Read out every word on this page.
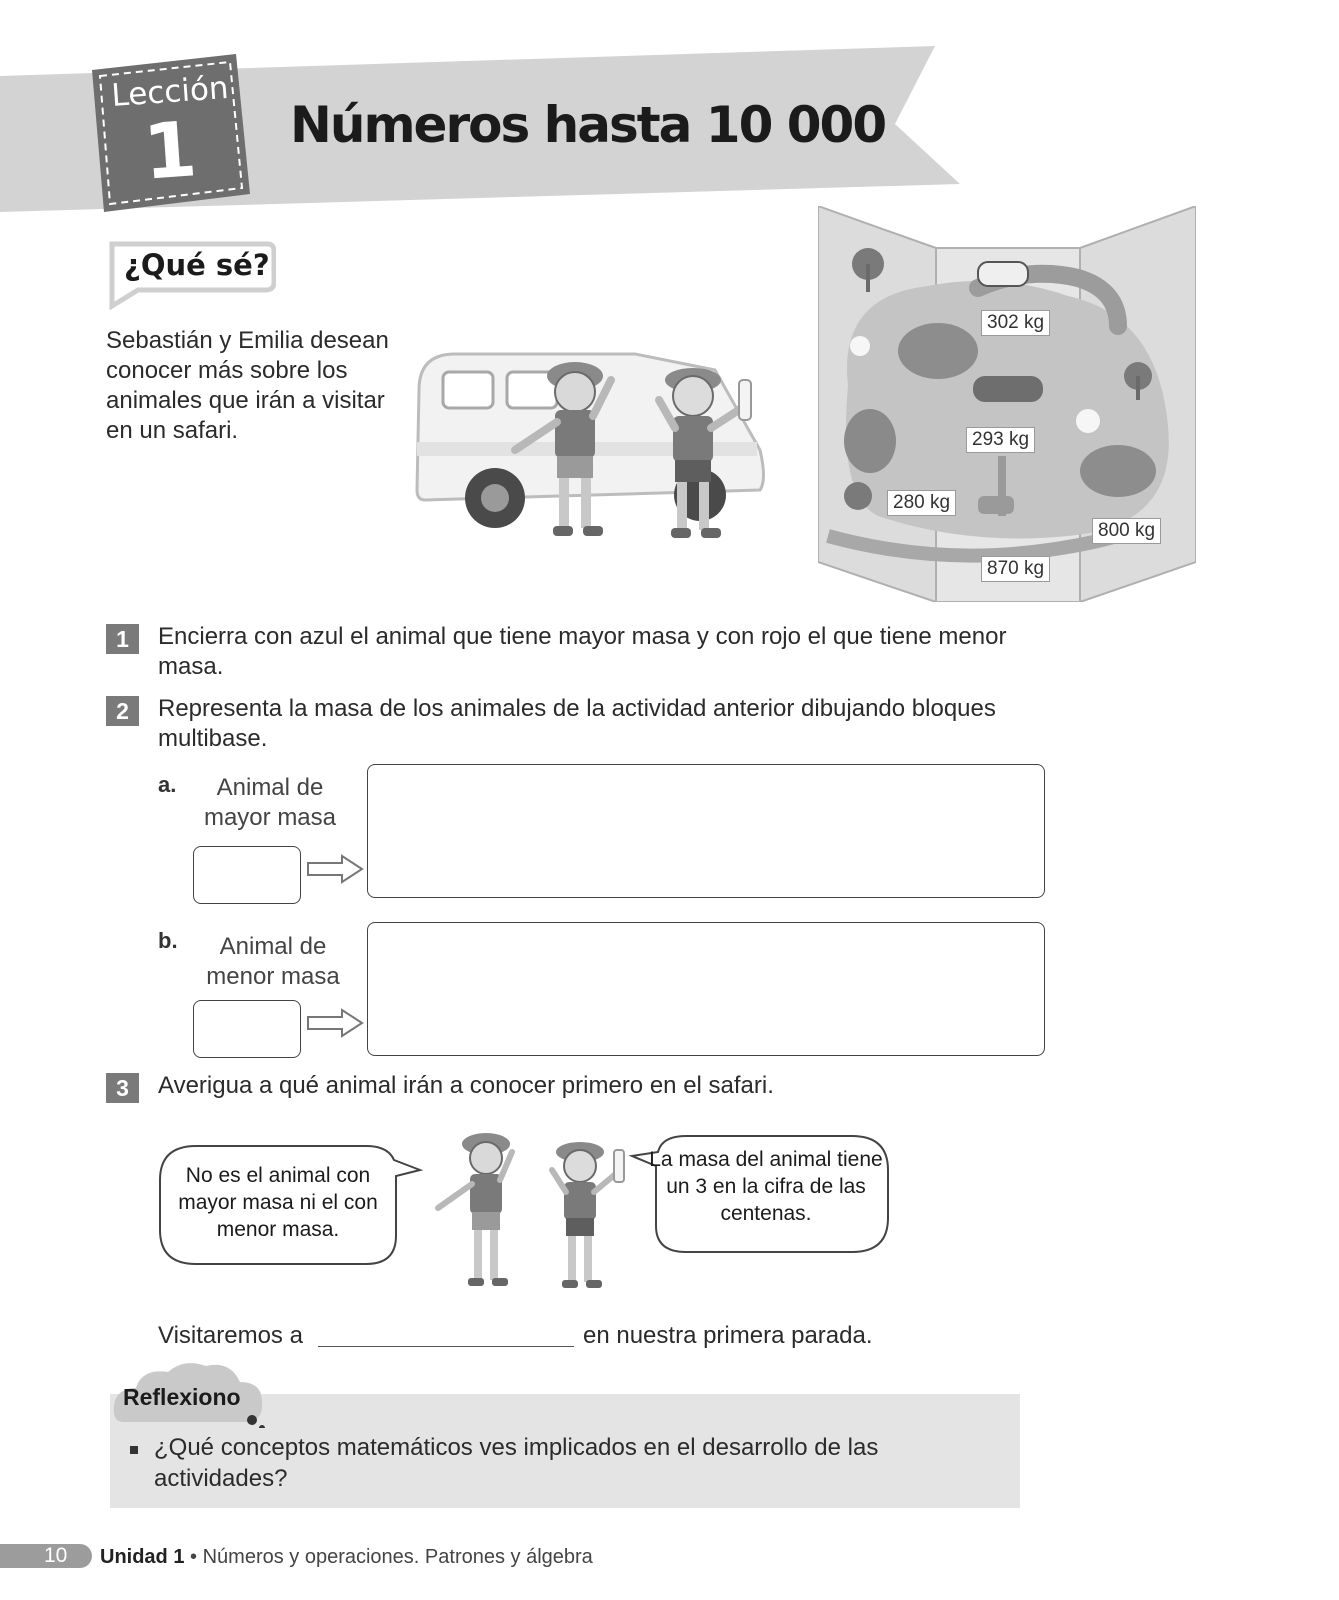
Lección
1	Números hasta 10 000
¿Qué sé?
Sebastián y Emilia desean conocer más sobre los animales que irán a visitar en un safari.
302 kg
293 kg
280 kg
800 kg
870 kg
1	Encierra con azul el animal que tiene mayor masa y con rojo el que tiene menor masa.
2	Representa la masa de los animales de la actividad anterior dibujando bloques multibase.
a.	Animal de mayor masa
b.	Animal de menor masa
3	Averigua a qué animal irán a conocer primero en el safari.
No es el animal con mayor masa ni el con menor masa.
La masa del animal tiene un 3 en la cifra de las centenas.
Visitaremos a	en nuestra primera parada.
Reflexiono
¿Qué conceptos matemáticos ves implicados en el desarrollo de las actividades?
10 Unidad 1 • Números y operaciones. Patrones y álgebra
